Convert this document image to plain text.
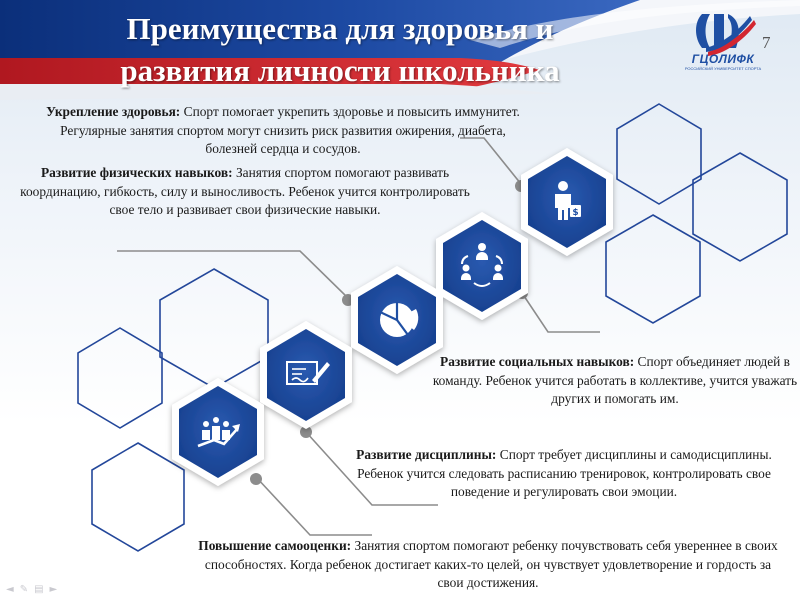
Преимущества для здоровья и
развития личности школьника	ГЦОЛИФК
РОССИЙСКИЙ УНИВЕРСИТЕТ СПОРТА
7
$
Укрепление здоровья: Спорт помогает укрепить здоровье и повысить иммунитет. Регулярные занятия спортом могут снизить риск развития ожирения, диабета, болезней сердца и сосудов.
Развитие физических навыков: Занятия спортом помогают развивать координацию, гибкость, силу и выносливость. Ребенок учится контролировать свое тело и развивает свои физические навыки.
Развитие социальных навыков: Спорт объединяет людей в команду. Ребенок учится работать в коллективе, учится уважать других и помогать им.
Развитие дисциплины: Спорт требует дисциплины и самодисциплины. Ребенок учится следовать расписанию тренировок, контролировать свое поведение и регулировать свои эмоции.
Повышение самооценки: Занятия спортом помогают ребенку почувствовать себя увереннее в своих способностях. Когда ребенок достигает каких-то целей, он чувствует удовлетворение и гордость за свои достижения.
◄ ✎ ▤ ►
